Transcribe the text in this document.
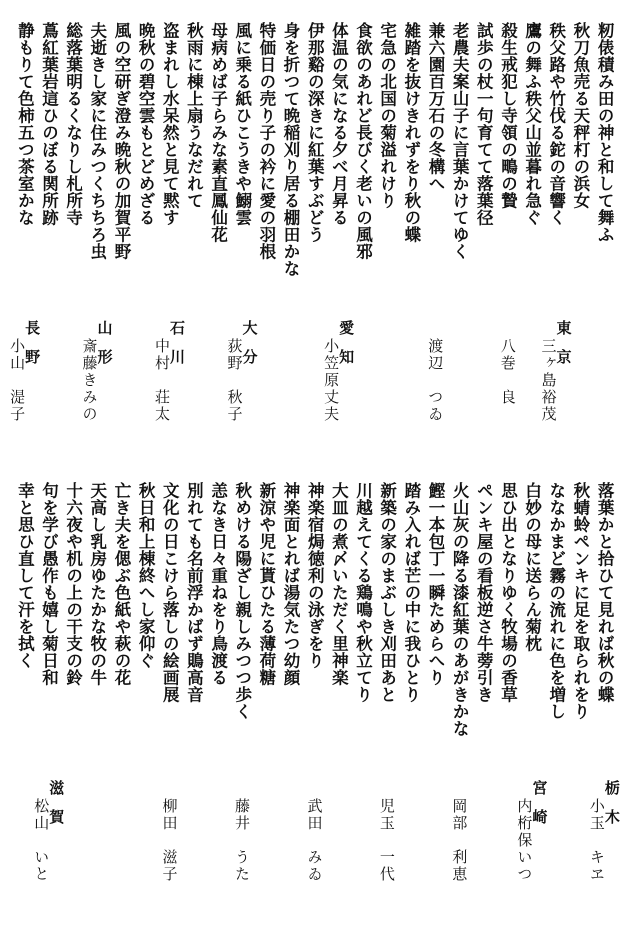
籾俵積み田の神と和して舞ふ
秋刀魚売る天秤朾の浜女
秩父路や竹伐る鉈の音響く
東京
三ヶ島裕茂
鷹の舞ふ秩父山並暮れ急ぐ
殺生戒犯し寺領の鴫の贄
八巻　良
試歩の杖一句育てて落葉径
老農夫案山子に言葉かけてゆく
兼六園百万石の冬構へ
渡辺　つゐ
雑踏を抜けきれずをり秋の蝶
宅急の北国の菊溢れけり
食欲のあれど長びく老いの風邪
体温の気になる夕べ月昇る
愛知
小笠原丈夫
伊那谿の深きに紅葉すぶどう
身を折つて晩稲刈り居る棚田かな
特価日の売り子の衿に愛の羽根
風に乗る紙ひこうきや鰯雲
大分
荻野　秋子
母病めば子らみな素直鳳仙花
秋雨に棟上扇うなだれて
盗まれし水呆然と見て黙す
石川
中村　荘太
晩秋の碧空雲もとどめざる
風の空研ぎ澄み晩秋の加賀平野
夫逝きし家に住みつくちちろ虫
山形
斎藤きみの
総落葉明るくなりし札所寺
蔦紅葉岩這ひのぼる関所跡
静もりて色柿五つ茶室かな
長野
小山　湜子
落葉かと拾ひて見れば秋の蝶
栃木
小玉　キヱ
秋蜻蛉ペンキに足を取られをり
ななかまど霧の流れに色を増し
白妙の母に送らん菊枕
宮崎
内桁保いつ
思ひ出となりゆく牧場の香草
ペンキ屋の看板逆さ牛蒡引き
火山灰の降る漆紅葉のあがきかな
岡部　利恵
鰹一本包丁一瞬ためらへり
踏み入れば芒の中に我ひとり
新築の家のまぶしき刈田あと
児玉　一代
川越えてくる鶏鳴や秋立てり
大皿の煮〆いただく里神楽
神楽宿焗徳利の泳ぎをり
武田　みゐ
神楽面とれば湯気たつ幼顔
新涼や児に貰ひたる薄荷糖
秋めける陽ざし親しみつつ歩く
藤井　うた
恙なき日々重ねをり鳥渡る
別れても名前浮かばず鵙高音
文化の日こけら落しの絵画展
柳田　滋子
秋日和上棟終へし家仰ぐ
亡き夫を偲ぶ色紙や萩の花
天高し乳房ゆたかな牧の牛
十六夜や机の上の干支の鈴
句を学び愚作も嬉し菊日和
滋賀
松山　いと
幸と思ひ直して汗を拭く
